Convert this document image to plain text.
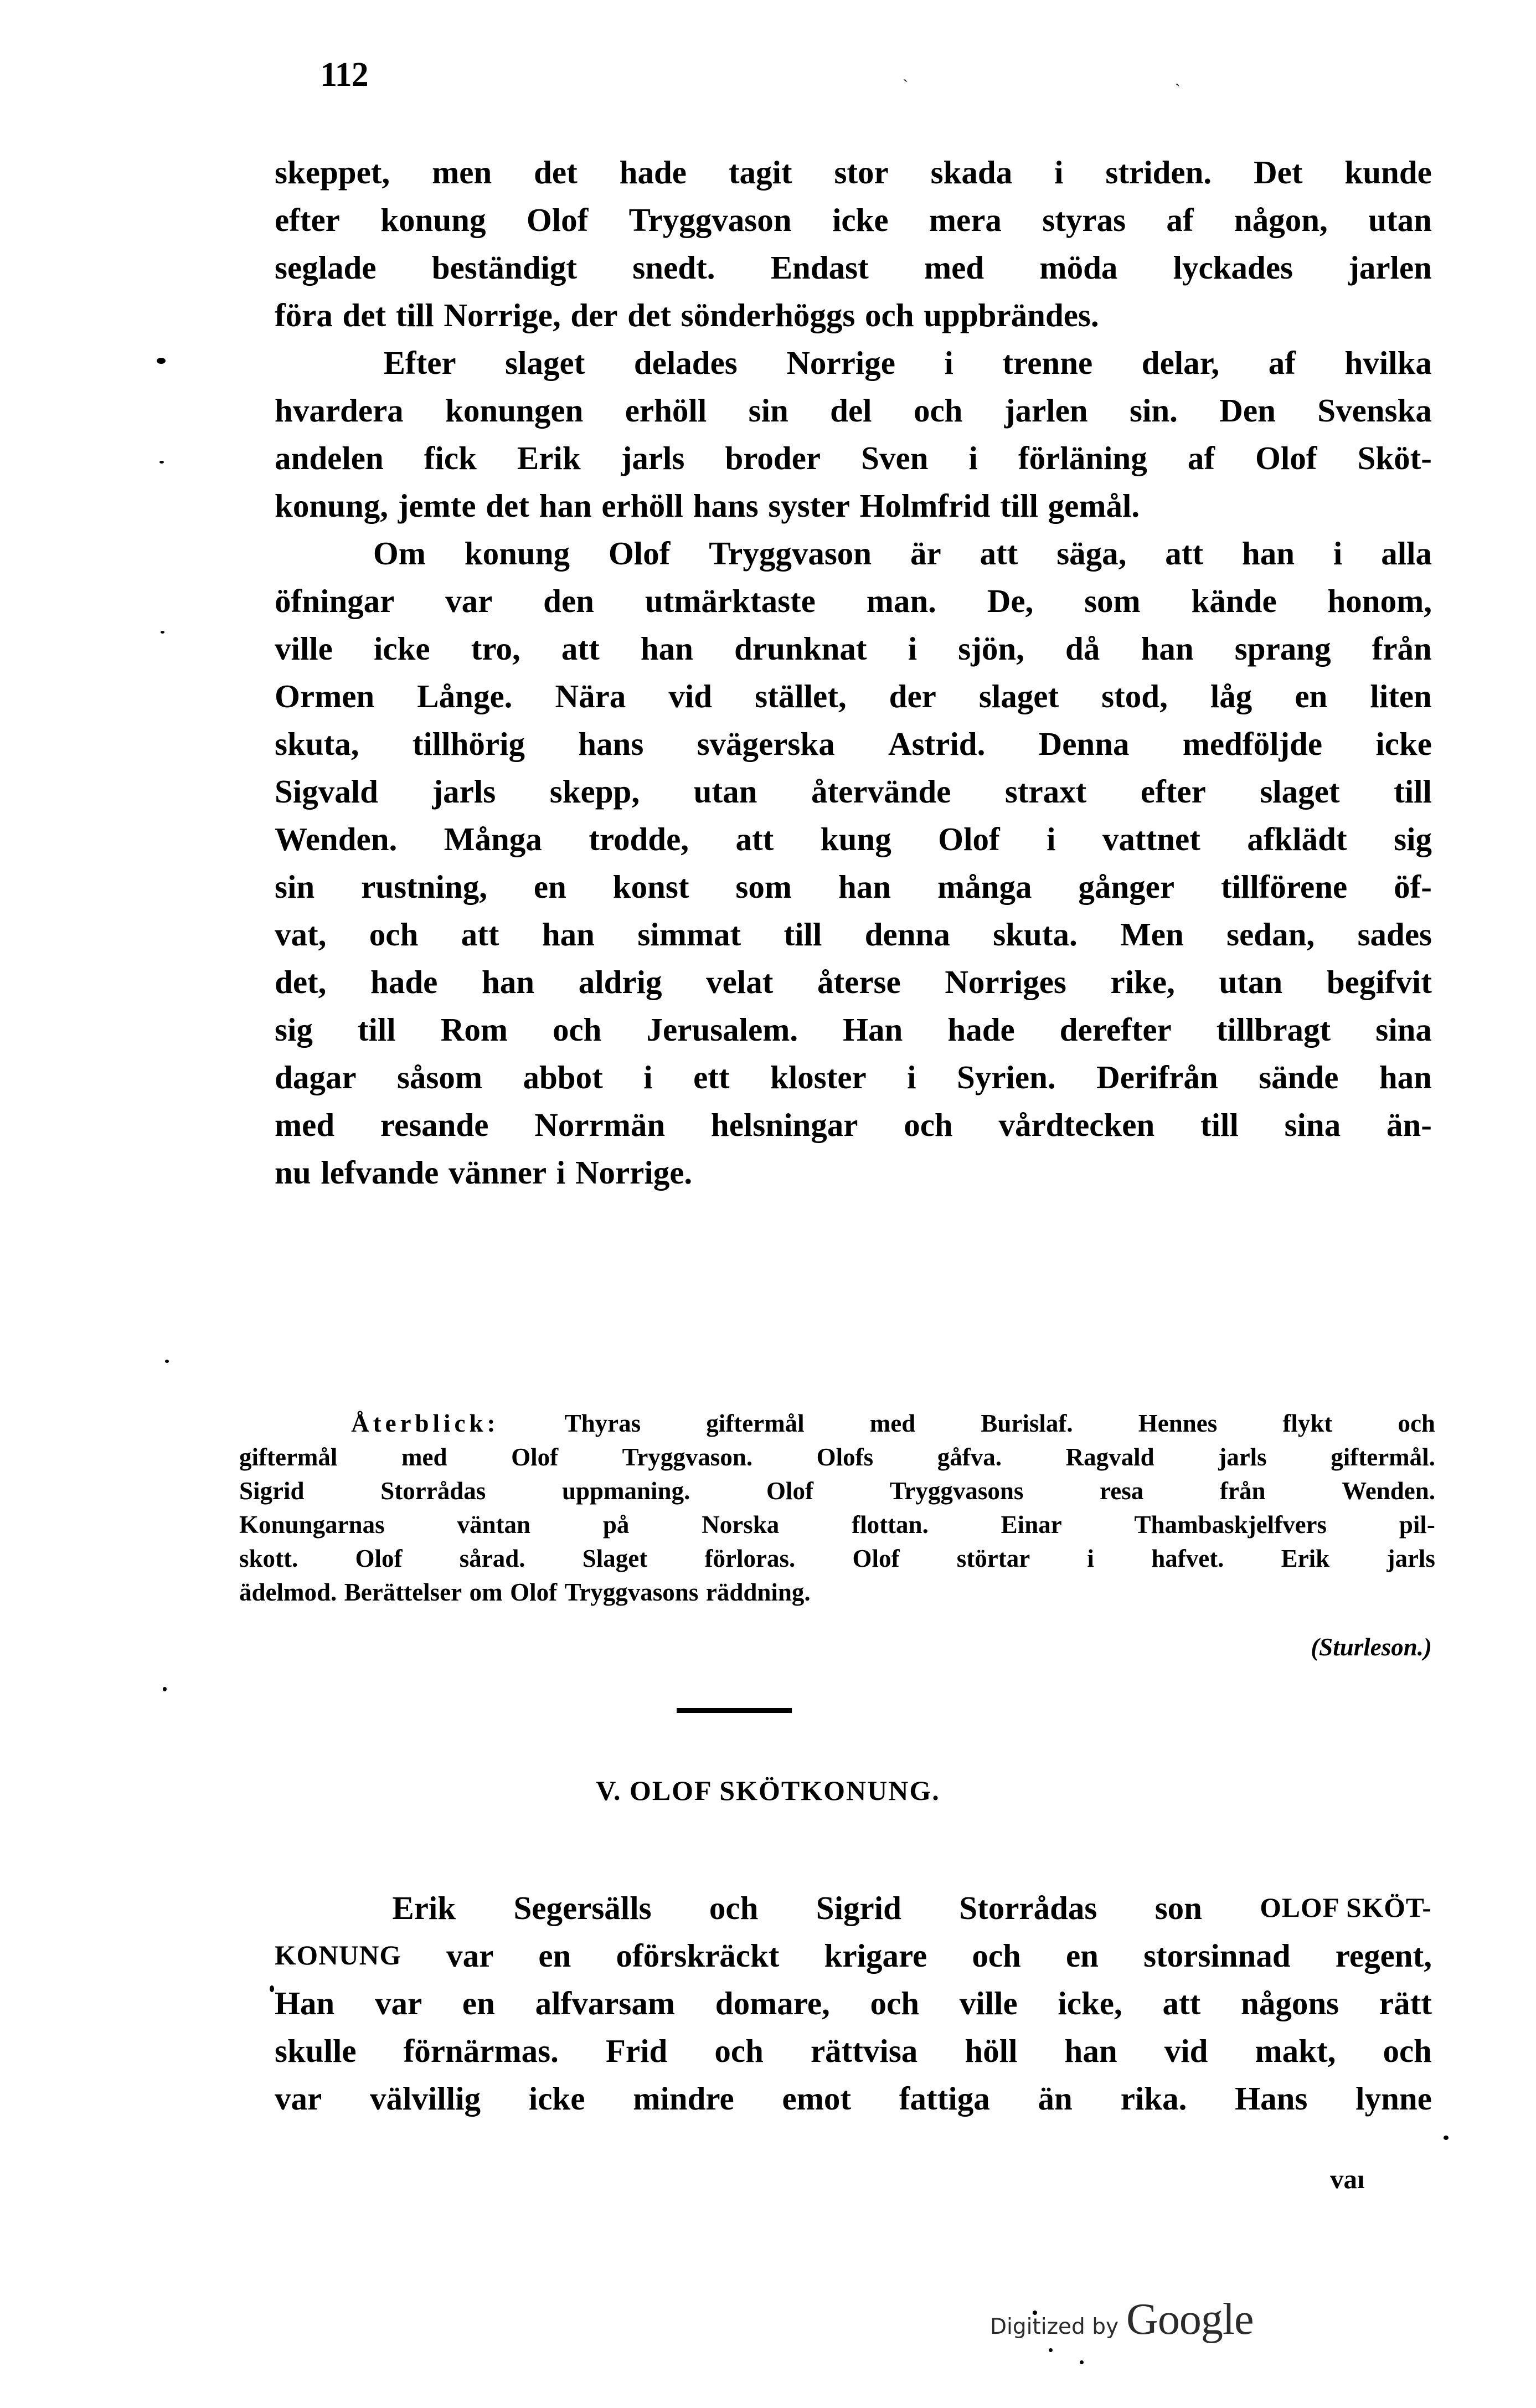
112	`	`
skeppet, men det hade tagit stor skada i striden. Det kunde
efter konung Olof Tryggvason icke mera styras af någon, utan
seglade beständigt snedt. Endast med möda lyckades jarlen
föra det till Norrige, der det sönderhöggs och uppbrändes.
Efter slaget delades Norrige i trenne delar, af hvilka
hvardera konungen erhöll sin del och jarlen sin. Den Svenska
andelen fick Erik jarls broder Sven i förläning af Olof Sköt-
konung, jemte det han erhöll hans syster Holmfrid till gemål.
Om konung Olof Tryggvason är att säga, att han i alla
öfningar var den utmärktaste man. De, som kände honom,
ville icke tro, att han drunknat i sjön, då han sprang från
Ormen Långe. Nära vid stället, der slaget stod, låg en liten
skuta, tillhörig hans svägerska Astrid. Denna medföljde icke
Sigvald jarls skepp, utan återvände straxt efter slaget till
Wenden. Många trodde, att kung Olof i vattnet afklädt sig
sin rustning, en konst som han många gånger tillförene öf-
vat, och att han simmat till denna skuta. Men sedan, sades
det, hade han aldrig velat återse Norriges rike, utan begifvit
sig till Rom och Jerusalem. Han hade derefter tillbragt sina
dagar såsom abbot i ett kloster i Syrien. Derifrån sände han
med resande Norrmän helsningar och vårdtecken till sina än-
nu lefvande vänner i Norrige.
Återblick:	Thyras	giftermål	med	Burislaf.	Hennes	flykt	och
giftermål	med	Olof	Tryggvason.	Olofs	gåfva.	Ragvald	jarls	giftermål.
Sigrid	Storrådas	uppmaning.	Olof	Tryggvasons	resa	från	Wenden.
Konungarnas	väntan	på	Norska	flottan.	Einar	Thambaskjelfvers	pil-
skott. Olof sårad. Slaget förloras. Olof störtar i hafvet. Erik jarls
ädelmod. Berättelser om Olof Tryggvasons räddning.
(Sturleson.)
V. OLOF SKÖTKONUNG.
Erik Segersälls och Sigrid Storrådas son OLOF SKÖT-
KONUNG var en oförskräckt krigare och en storsinnad regent,
Han var en alfvarsam domare, och ville icke, att någons rätt
skulle förnärmas. Frid och rättvisa höll han vid makt, och
var välvillig icke mindre emot fattiga än rika. Hans lynne
vaı
Digitized by Google
